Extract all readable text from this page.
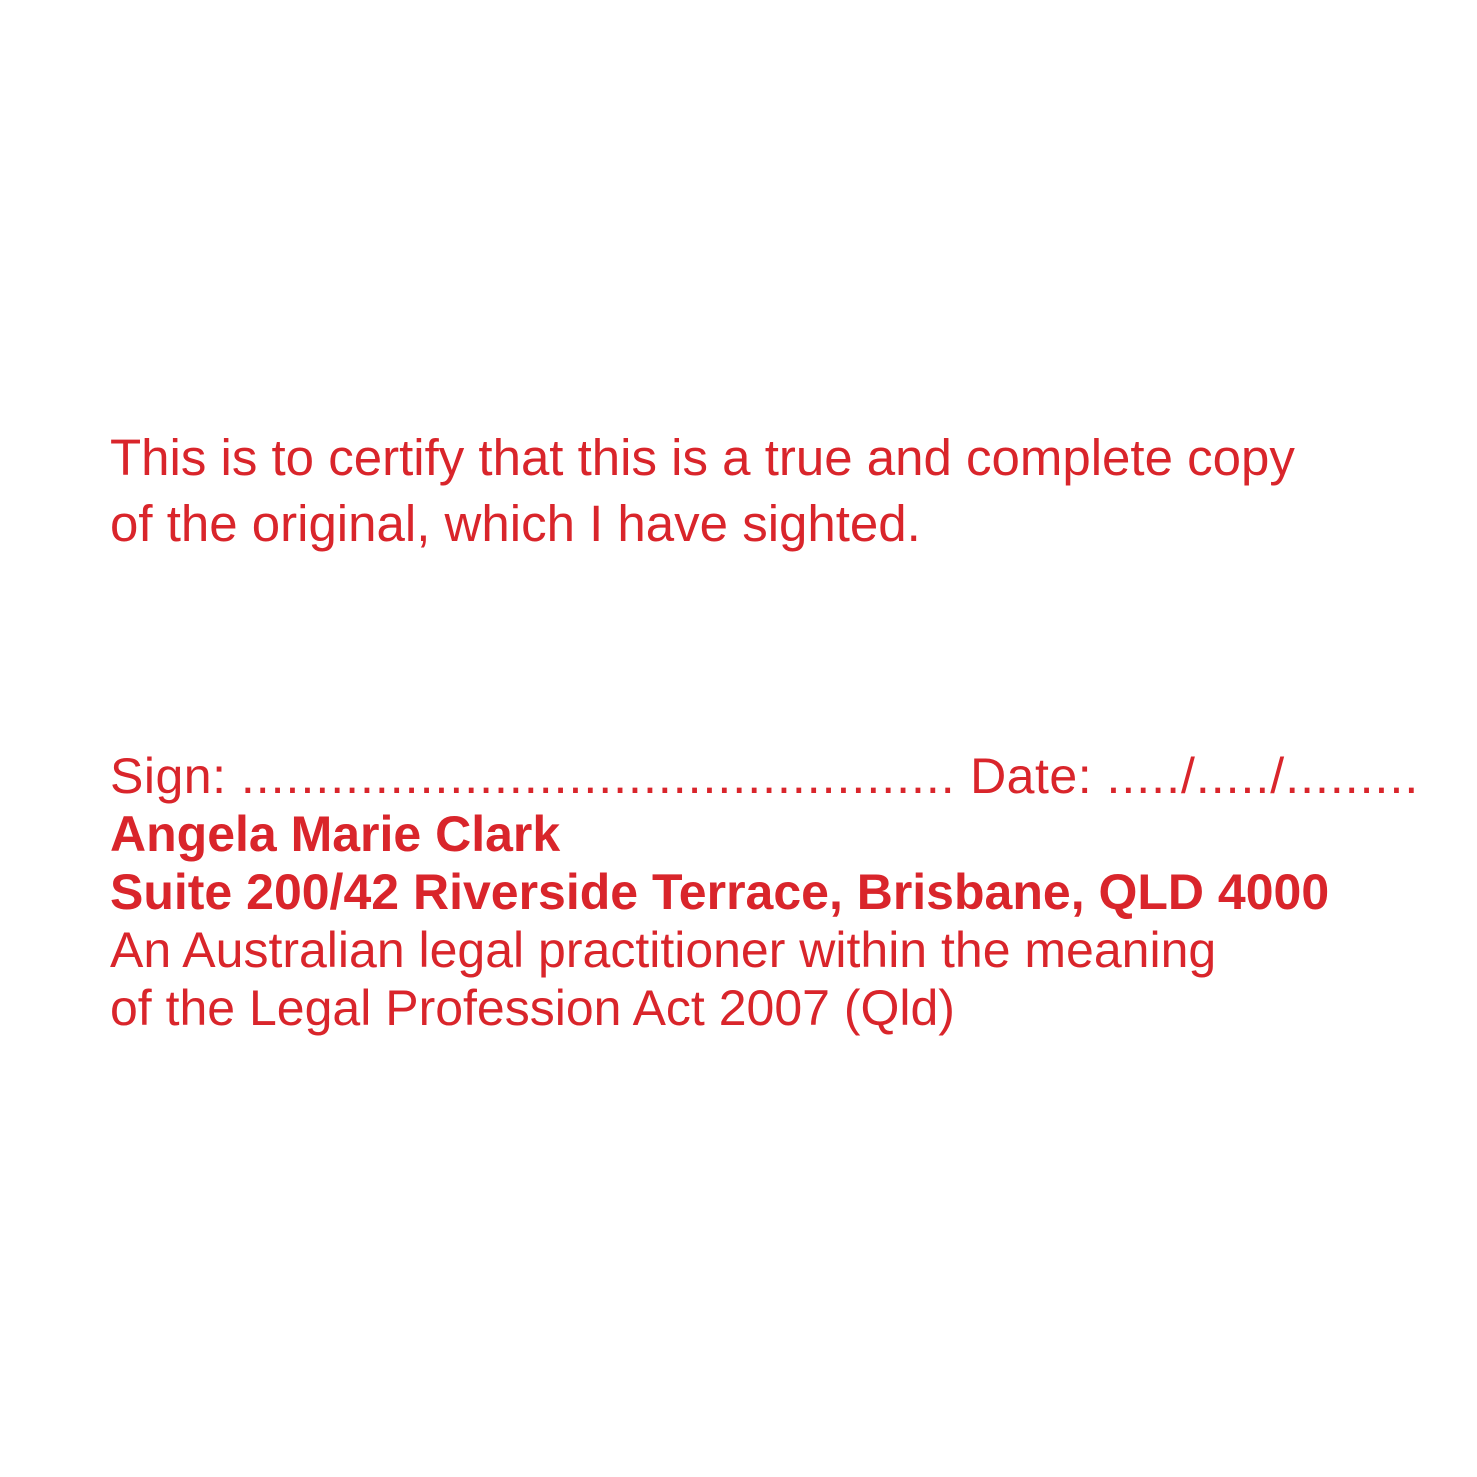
This is to certify that this is a true and complete copy
of the original, which I have sighted.
Sign: ................................................ Date: ...../...../.........
Angela Marie Clark
Suite 200/42 Riverside Terrace, Brisbane, QLD 4000
An Australian legal practitioner within the meaning
of the Legal Profession Act 2007 (Qld)
